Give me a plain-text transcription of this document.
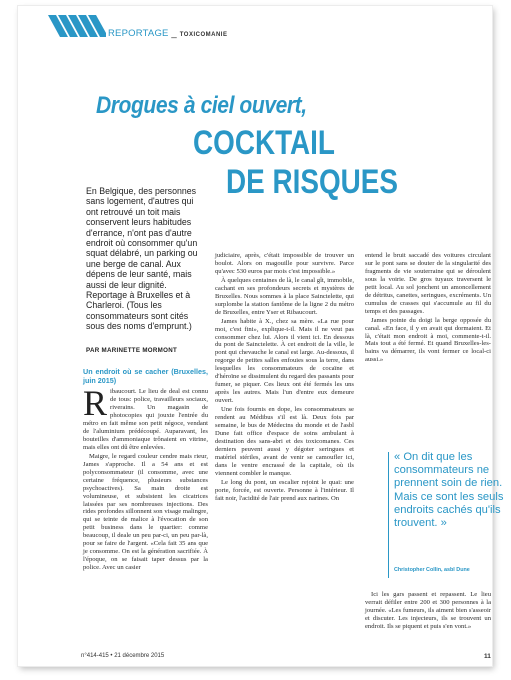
REPORTAGE _ TOXICOMANIE
Drogues à ciel ouvert,
COCKTAIL
DE RISQUES
En Belgique, des personnes sans logement, d'autres qui ont retrouvé un toit mais conservent leurs habitudes d'errance, n'ont pas d'autre endroit où consommer qu'un squat délabré, un parking ou une berge de canal. Aux dépens de leur santé, mais aussi de leur dignité. Reportage à Bruxelles et à Charleroi. (Tous les consommateurs sont cités sous des noms d'emprunt.)
PAR MARINETTE MORMONT
Un endroit où se cacher (Bruxelles, juin 2015)

Ribaucourt. Le lieu de deal est connu de tous: police, travailleurs sociaux, riverains. Un magasin de photocopies qui jouxte l'entrée du métro en fait même son petit négoce, vendant de l'aluminium prédécoupé. Auparavant, les bouteilles d'ammoniaque trônaient en vitrine, mais elles ont dû être enlevées.

Maigre, le regard couleur cendre mais rieur, James s'approche. Il a 54 ans et est polyconsommateur (il consomme, avec une certaine fréquence, plusieurs substances psychoactives). Sa main droite est volumineuse, et subsistent les cicatrices laissées par ses nombreuses injections. Des rides profondes sillonnent son visage malingre, qui se teinte de malice à l'évocation de son petit business dans le quartier: comme beaucoup, il deale un peu par-ci, un peu par-là, pour se faire de l'argent. «Cela fait 35 ans que je consomme. On est la génération sacrifiée. À l'époque, on se faisait taper dessus par la police. Avec un casier

judiciaire, après, c'était impossible de trouver un boulot. Alors on magouille pour survivre. Parce qu'avec 530 euros par mois c'est impossible.»

À quelques centaines de là, le canal gît, immobile, cachant en ses profondeurs secrets et mystères de Bruxelles. Nous sommes à la place Sainctelette, qui surplombe la station fantôme de la ligne 2 du métro de Bruxelles, entre Yser et Ribaucourt.

James habite à X., chez sa mère. «La rue pour moi, c'est fini», explique-t-il. Mais il ne veut pas consommer chez lui. Alors il vient ici. En dessous du pont de Sainctelette. À cet endroit de la ville, le pont qui chevauche le canal est large. Au-dessous, il regorge de petites salles enfouies sous la terre, dans lesquelles les consommateurs de cocaïne et d'héroïne se dissimulent du regard des passants pour fumer, se piquer. Ces lieux ont été fermés les uns après les autres. Mais l'un d'entre eux demeure ouvert.

Une fois fournis en dope, les consommateurs se rendent au Médibus s'il est là. Deux fois par semaine, le bus de Médecins du monde et de l'asbl Dune fait office d'espace de soins ambulant à destination des sans-abri et des toxicomanes. Ces derniers peuvent aussi y dégoter seringues et matériel stériles, avant de venir se camoufler ici, dans le ventre encrassé de la capitale, où ils viennent combler le manque.

Le long du pont, un escalier rejoint le quai: une porte, forcée, est ouverte. Personne à l'intérieur. Il fait noir, l'acidité de l'air prend aux narines. On

entend le bruit saccadé des voitures circulant sur le pont sans se douter de la singularité des fragments de vie souterraine qui se déroulent sous la voirie. De gros tuyaux traversent le petit local. Au sol jonchent un amoncellement de détritus, canettes, seringues, excréments. Un cumulus de crasses qui s'accumule au fil du temps et des passages.

James pointe du doigt la berge opposée du canal. «En face, il y en avait qui dormaient. Et là, c'était mon endroit à moi, commente-t-il. Mais tout a été fermé. Et quand Bruxelles-les-bains va démarrer, ils vont fermer ce local-ci aussi.»

« On dit que les consommateurs ne prennent soin de rien. Mais ce sont les seuls endroits cachés qu'ils trouvent. »
Christopher Collin, asbl Dune

Ici les gars passent et repassent. Le lieu verrait défiler entre 200 et 300 personnes à la journée. «Les fumeurs, ils aiment bien s'asseoir et discuter. Les injecteurs, ils se trouvent un endroit. Ils se piquent et puis s'en vont.»

n°414-415 • 21 décembre 2015	11
